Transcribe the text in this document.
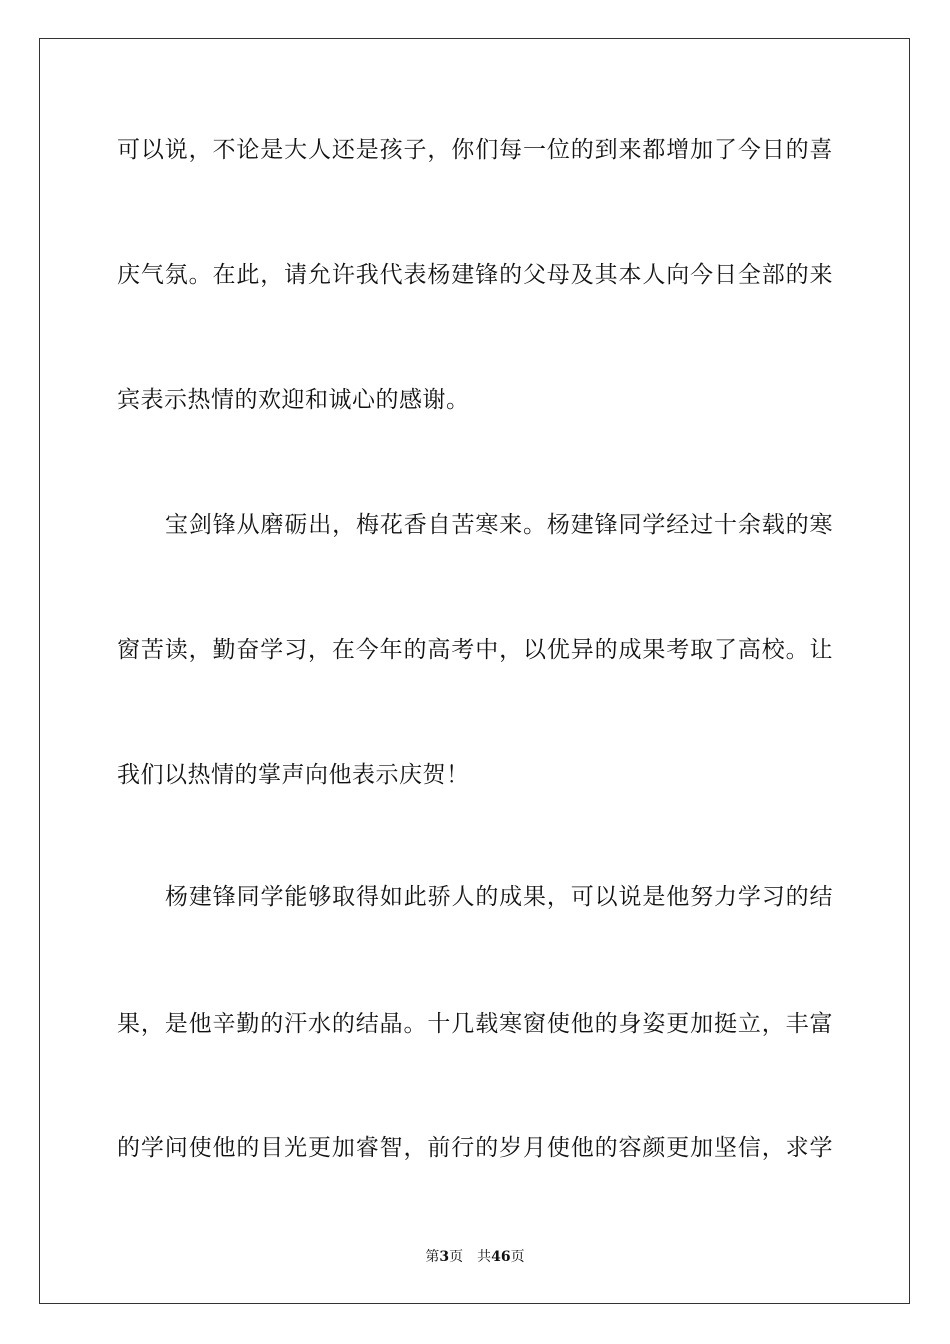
可以说，不论是大人还是孩子，你们每一位的到来都增加了今日的喜
庆气氛。在此，请允许我代表杨建锋的父母及其本人向今日全部的来
宾表示热情的欢迎和诚心的感谢。
宝剑锋从磨砺出，梅花香自苦寒来。杨建锋同学经过十余载的寒
窗苦读，勤奋学习，在今年的高考中，以优异的成果考取了高校。让
我们以热情的掌声向他表示庆贺！
杨建锋同学能够取得如此骄人的成果，可以说是他努力学习的结
果，是他辛勤的汗水的结晶。十几载寒窗使他的身姿更加挺立，丰富
的学问使他的目光更加睿智，前行的岁月使他的容颜更加坚信，求学
第3页 共46页
